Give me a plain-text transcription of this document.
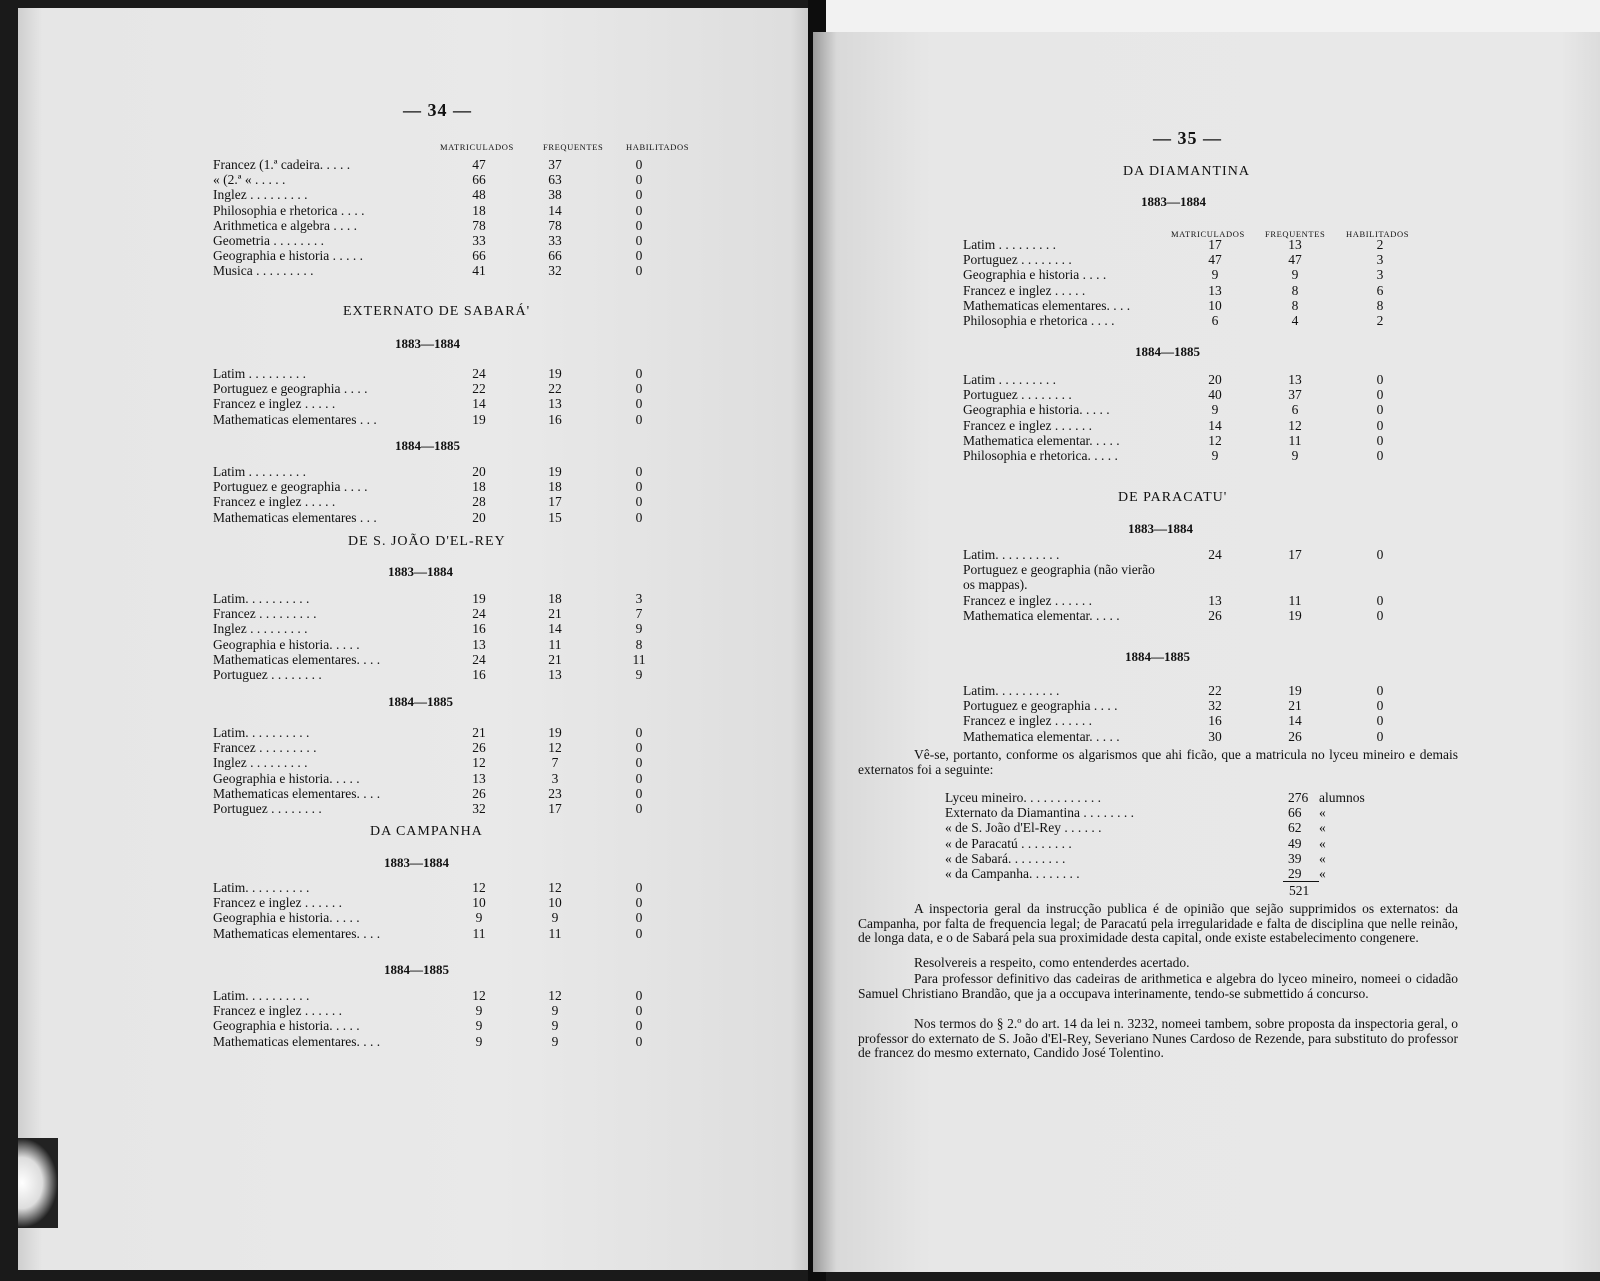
— 34 —
MATRICULADOS	FREQUENTES	HABILITADOS
Francez (1.ª cadeira. . . . .	47	37	0
« (2.ª « . . . . .	66	63	0
Inglez . . . . . . . . .	48	38	0
Philosophia e rhetorica . . . .	18	14	0
Arithmetica e algebra . . . .	78	78	0
Geometria . . . . . . . .	33	33	0
Geographia e historia . . . . .	66	66	0
Musica . . . . . . . . .	41	32	0
EXTERNATO DE SABARÁ'
1883—1884
Latim . . . . . . . . .	24	19	0
Portuguez e geographia . . . .	22	22	0
Francez e inglez . . . . .	14	13	0
Mathematicas elementares . . .	19	16	0
1884—1885
Latim . . . . . . . . .	20	19	0
Portuguez e geographia . . . .	18	18	0
Francez e inglez . . . . .	28	17	0
Mathematicas elementares . . .	20	15	0
DE S. JOÃO D'EL-REY
1883—1884
Latim. . . . . . . . . .	19	18	3
Francez . . . . . . . . .	24	21	7
Inglez . . . . . . . . .	16	14	9
Geographia e historia. . . . .	13	11	8
Mathematicas elementares. . . .	24	21	11
Portuguez . . . . . . . .	16	13	9
1884—1885
Latim. . . . . . . . . .	21	19	0
Francez . . . . . . . . .	26	12	0
Inglez . . . . . . . . .	12	7	0
Geographia e historia. . . . .	13	3	0
Mathematicas elementares. . . .	26	23	0
Portuguez . . . . . . . .	32	17	0
DA CAMPANHA
1883—1884
Latim. . . . . . . . . .	12	12	0
Francez e inglez . . . . . .	10	10	0
Geographia e historia. . . . .	9	9	0
Mathematicas elementares. . . .	11	11	0
1884—1885
Latim. . . . . . . . . .	12	12	0
Francez e inglez . . . . . .	9	9	0
Geographia e historia. . . . .	9	9	0
Mathematicas elementares. . . .	9	9	0
— 35 —
MATRICULADOS FREQUENTES HABILITADOS
DA DIAMANTINA
1883—1884
Latim . . . . . . . . .	17	13	2
Portuguez . . . . . . . .	47	47	3
Geographia e historia . . . .	9	9	3
Francez e inglez . . . . .	13	8	6
Mathematicas elementares. . . .	10	8	8
Philosophia e rhetorica . . . .	6	4	2
1884—1885
Latim . . . . . . . . .	20	13	0
Portuguez . . . . . . . .	40	37	0
Geographia e historia. . . . .	9	6	0
Francez e inglez . . . . . .	14	12	0
Mathematica elementar. . . . .	12	11	0
Philosophia e rhetorica. . . . .	9	9	0
DE PARACATU'
1883—1884
Latim. . . . . . . . . .	24	17	0
Portuguez e geographia (não vierão
os mappas).
Francez e inglez . . . . . .	13	11	0
Mathematica elementar. . . . .	26	19	0
1884—1885
Latim. . . . . . . . . .	22	19	0
Portuguez e geographia . . . .	32	21	0
Francez e inglez . . . . . .	16	14	0
Mathematica elementar. . . . .	30	26	0
Vê-se, portanto, conforme os algarismos que ahi ficão, que a matricula no lyceu mineiro e demais externatos foi a seguinte:
Lyceu mineiro. . . . . . . . . . . .	276 alumnos
Externato da Diamantina . . . . . . . .	66 «
« de S. João d'El-Rey . . . . . .	62 «
« de Paracatú . . . . . . . .	49 «
« de Sabará. . . . . . . . .	39 «
« da Campanha. . . . . . . .	29 «
521
A inspectoria geral da instrucção publica é de opinião que sejão supprimidos os externatos: da Campanha, por falta de frequencia legal; de Paracatú pela irregularidade e falta de disciplina que nelle reinão, de longa data, e o de Sabará pela sua proximidade desta capital, onde existe estabelecimento congenere.
Resolvereis a respeito, como entenderdes acertado.
Para professor definitivo das cadeiras de arithmetica e algebra do lyceo mineiro, nomeei o cidadão Samuel Christiano Brandão, que ja a occupava interinamente, tendo-se submettido á concurso.
Nos termos do § 2.º do art. 14 da lei n. 3232, nomeei tambem, sobre proposta da inspectoria geral, o professor do externato de S. João d'El-Rey, Severiano Nunes Cardoso de Rezende, para substituto do professor de francez do mesmo externato, Candido José Tolentino.
